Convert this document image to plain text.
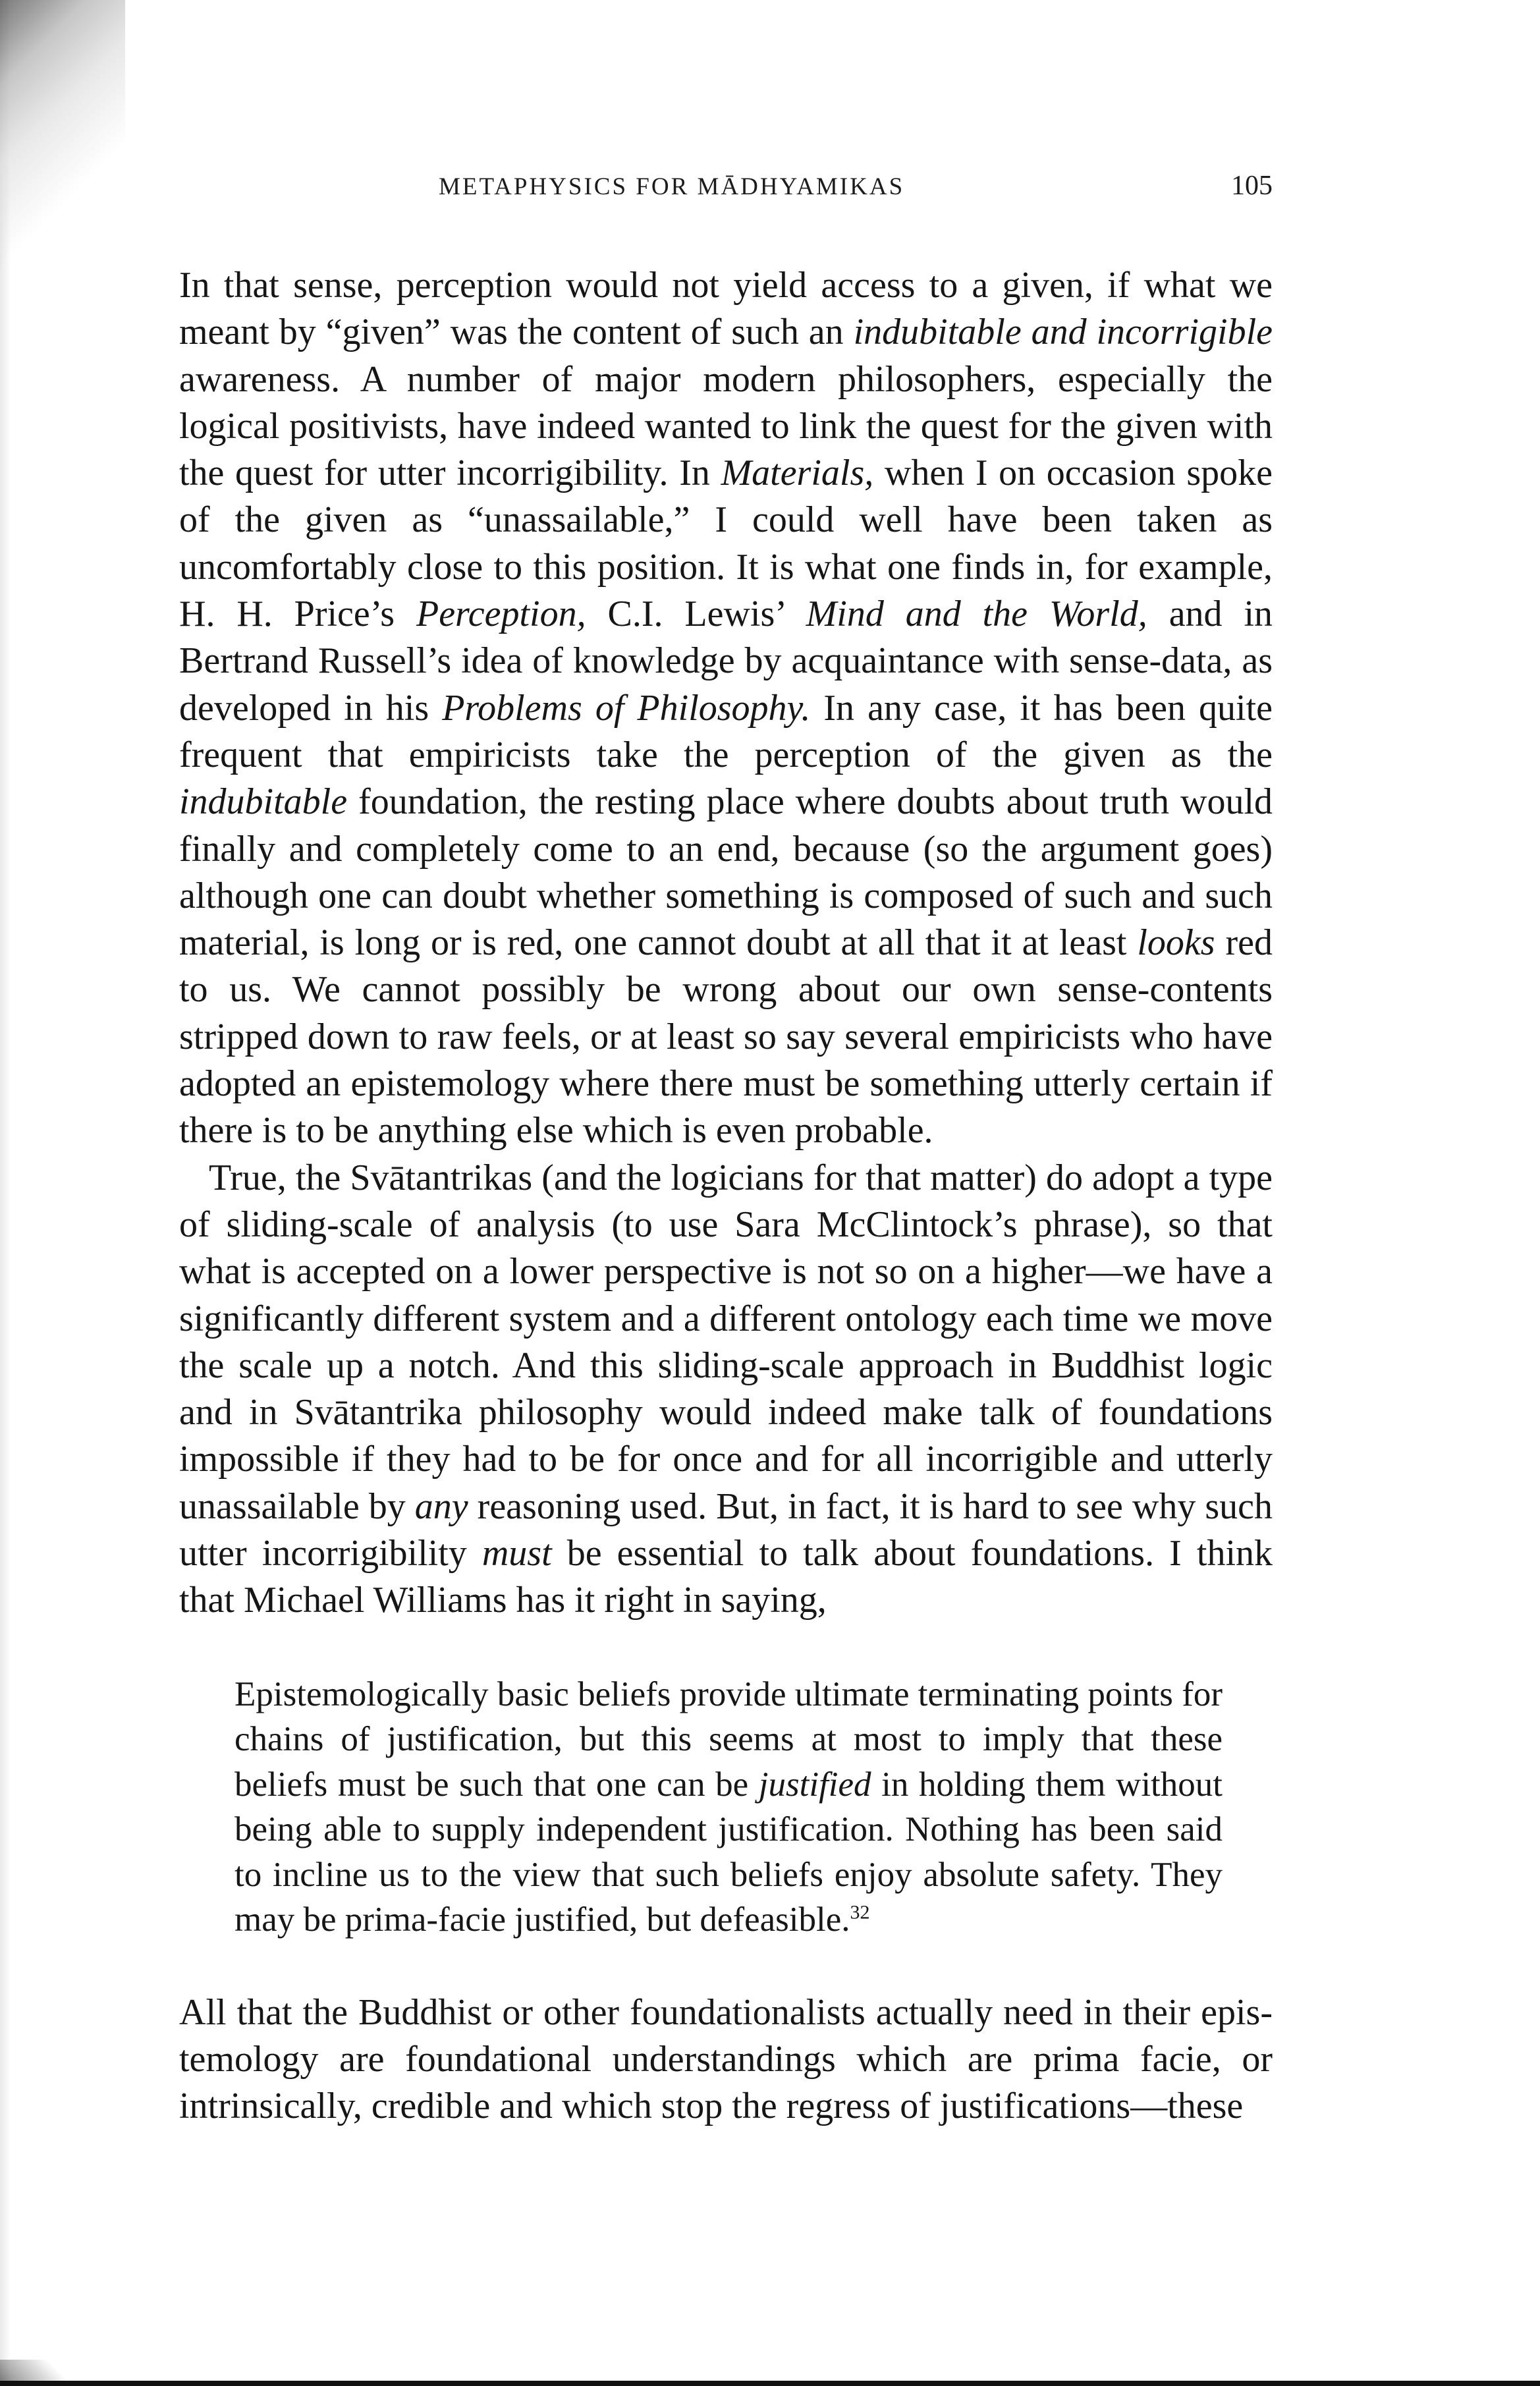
METAPHYSICS FOR MĀDHYAMIKAS	105

In that sense, perception would not yield access to a given, if what we meant by “given” was the content of such an indubitable and incorrigible awareness. A number of major modern philosophers, especially the logical positivists, have indeed wanted to link the quest for the given with the quest for utter incorrigibility. In Materials, when I on occasion spoke of the given as “unassailable,” I could well have been taken as uncomfortably close to this position. It is what one finds in, for example, H. H. Price’s Perception, C.I. Lewis’ Mind and the World, and in Bertrand Russell’s idea of knowledge by acquaintance with sense-data, as developed in his Problems of Philosophy. In any case, it has been quite frequent that empiricists take the perception of the given as the indubitable foundation, the resting place where doubts about truth would finally and completely come to an end, because (so the argument goes) although one can doubt whether something is composed of such and such material, is long or is red, one cannot doubt at all that it at least looks red to us. We cannot possibly be wrong about our own sense-contents stripped down to raw feels, or at least so say several empiricists who have adopted an epistemology where there must be something utterly certain if there is to be anything else which is even probable.

True, the Svātantrikas (and the logicians for that matter) do adopt a type of sliding-scale of analysis (to use Sara McClintock’s phrase), so that what is accepted on a lower perspective is not so on a higher—we have a significantly different system and a different ontology each time we move the scale up a notch. And this sliding-scale approach in Buddhist logic and in Svātantrika philosophy would indeed make talk of foundations impossible if they had to be for once and for all incorrigible and utterly unassailable by any reasoning used. But, in fact, it is hard to see why such utter incorrigibility must be essential to talk about foundations. I think that Michael Williams has it right in saying,

Epistemologically basic beliefs provide ultimate terminating points for chains of justification, but this seems at most to imply that these beliefs must be such that one can be justified in holding them without being able to supply independent justification. Nothing has been said to incline us to the view that such beliefs enjoy absolute safety. They may be prima-facie justified, but defeasible.$^{32}$

All that the Buddhist or other foundationalists actually need in their epistemology are foundational understandings which are prima facie, or intrinsically, credible and which stop the regress of justifications—these
